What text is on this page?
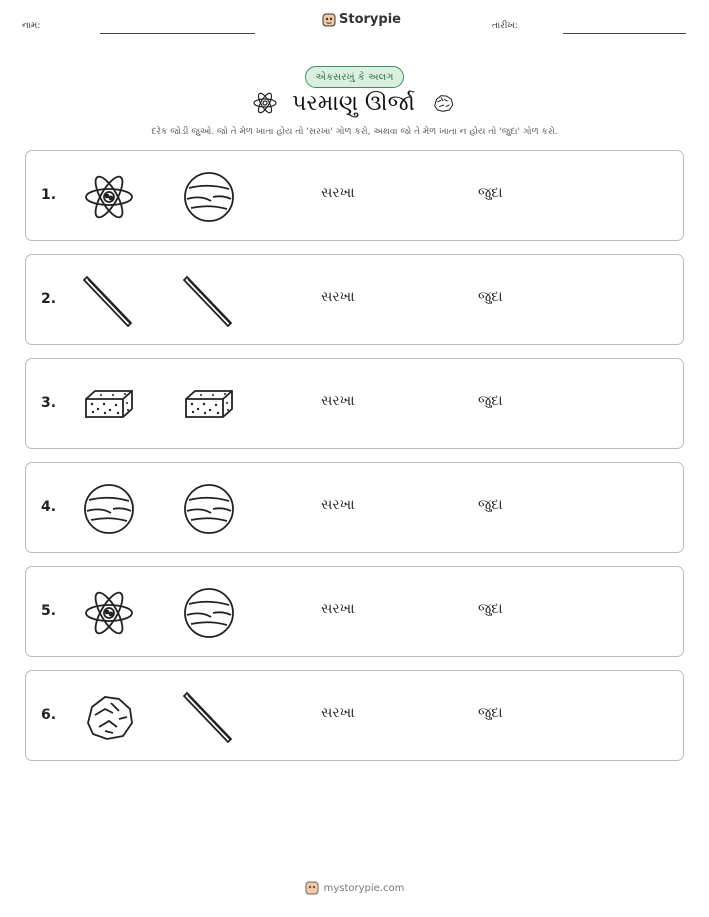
નામ:	Storypie	તારીખ:
એકસરખું કે અલગ
પરમાણુ ઊર્જા
દરેક જોડી જુઓ. જો તે મેળ ખાતા હોય તો 'સરખા' ગોળ કરો, અથવા જો તે મેળ ખાતા ન હોય તો 'જુદા' ગોળ કરો.
1.	સરખા	જુદા
2.	સરખા	જુદા
3.	સરખા	જુદા
4.	સરખા	જુદા
5.	સરખા	જુદા
6.	સરખા	જુદા
mystorypie.com
